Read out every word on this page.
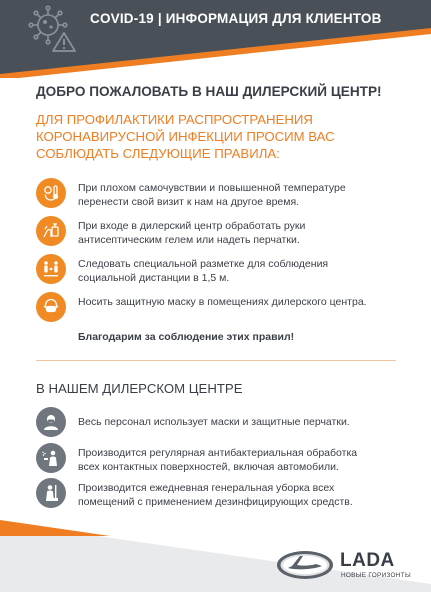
COVID-19 | ИНФОРМАЦИЯ ДЛЯ КЛИЕНТОВ
ДОБРО ПОЖАЛОВАТЬ В НАШ ДИЛЕРСКИЙ ЦЕНТР!
ДЛЯ ПРОФИЛАКТИКИ РАСПРОСТРАНЕНИЯ
КОРОНАВИРУСНОЙ ИНФЕКЦИИ ПРОСИМ ВАС
СОБЛЮДАТЬ СЛЕДУЮЩИЕ ПРАВИЛА:
При плохом самочувствии и повышенной температуре
перенести свой визит к нам на другое время.
При входе в дилерский центр обработать руки
антисептическим гелем или надеть перчатки.
Следовать специальной разметке для соблюдения
социальной дистанции в 1,5 м.
Носить защитную маску в помещениях дилерского центра.
Благодарим за соблюдение этих правил!
В НАШЕМ ДИЛЕРСКОМ ЦЕНТРЕ
Весь персонал использует маски и защитные перчатки.
Производится регулярная антибактериальная обработка
всех контактных поверхностей, включая автомобили.
Производится ежедневная генеральная уборка всех
помещений с применением дезинфицирующих средств.
LADA
НОВЫЕ ГОРИЗОНТЫ
